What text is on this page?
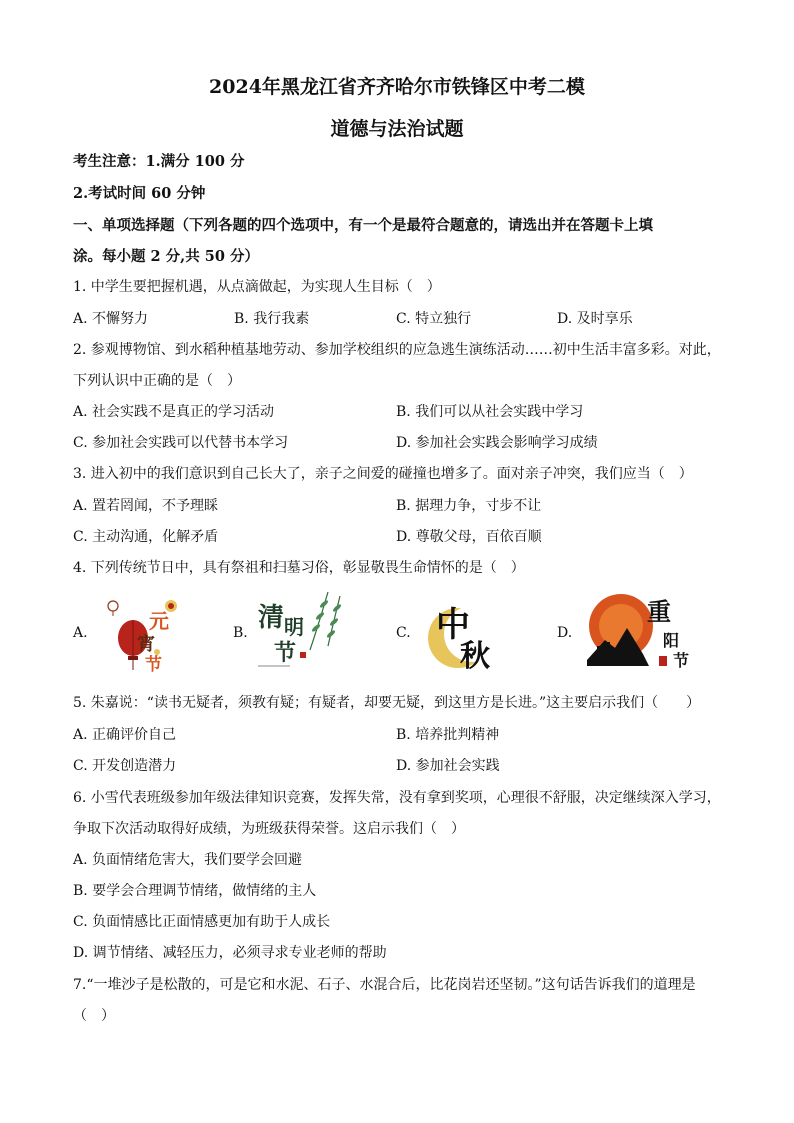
2024年黑龙江省齐齐哈尔市铁锋区中考二模
道德与法治试题
考生注意：1.满分 100 分
2.考试时间 60 分钟
一、单项选择题（下列各题的四个选项中，有一个是最符合题意的，请选出并在答题卡上填
涂。每小题 2 分,共 50 分）
1. 中学生要把握机遇，从点滴做起，为实现人生目标（　）
A. 不懈努力	B. 我行我素	C. 特立独行	D. 及时享乐
2. 参观博物馆、到水稻种植基地劳动、参加学校组织的应急逃生演练活动……初中生活丰富多彩。对此，
下列认识中正确的是（　）
A. 社会实践不是真正的学习活动	B. 我们可以从社会实践中学习
C. 参加社会实践可以代替书本学习	D. 参加社会实践会影响学习成绩
3. 进入初中的我们意识到自己长大了，亲子之间爱的碰撞也增多了。面对亲子冲突，我们应当（　）
A. 置若罔闻，不予理睬	B. 据理力争，寸步不让
C. 主动沟通，化解矛盾	D. 尊敬父母，百依百顺
4. 下列传统节日中，具有祭祖和扫墓习俗，彰显敬畏生命情怀的是（　）
A.	元
宵
节
B. 清 明
节
C. 中
秋
D.
重
阳
节
5. 朱嘉说：“读书无疑者，须教有疑；有疑者，却要无疑，到这里方是长进。”这主要启示我们（　　）
A. 正确评价自己	B. 培养批判精神
C. 开发创造潜力	D. 参加社会实践
6. 小雪代表班级参加年级法律知识竞赛，发挥失常，没有拿到奖项，心理很不舒服，决定继续深入学习，
争取下次活动取得好成绩，为班级获得荣誉。这启示我们（　）
A. 负面情绪危害大，我们要学会回避
B. 要学会合理调节情绪，做情绪的主人
C. 负面情感比正面情感更加有助于人成长
D. 调节情绪、减轻压力，必须寻求专业老师的帮助
7.“一堆沙子是松散的，可是它和水泥、石子、水混合后，比花岗岩还坚韧。”这句话告诉我们的道理是
（　）
